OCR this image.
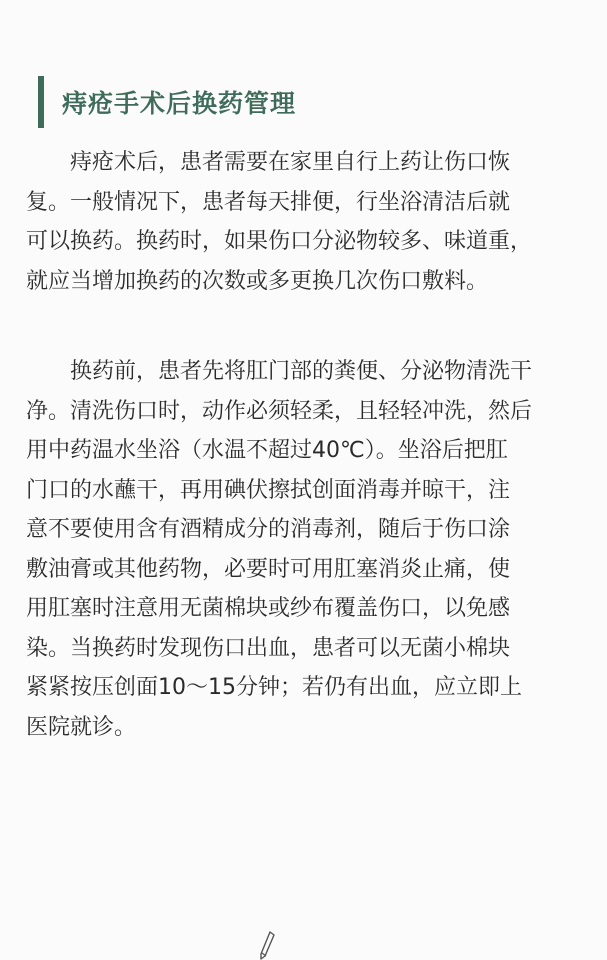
痔疮手术后换药管理
痔疮术后，患者需要在家里自行上药让伤口恢
复。一般情况下，患者每天排便，行坐浴清洁后就
可以换药。换药时，如果伤口分泌物较多、味道重，
就应当增加换药的次数或多更换几次伤口敷料。
换药前，患者先将肛门部的粪便、分泌物清洗干
净。清洗伤口时，动作必须轻柔，且轻轻冲洗，然后
用中药温水坐浴（水温不超过40℃）。坐浴后把肛
门口的水蘸干，再用碘伏擦拭创面消毒并晾干，注
意不要使用含有酒精成分的消毒剂，随后于伤口涂
敷油膏或其他药物，必要时可用肛塞消炎止痛，使
用肛塞时注意用无菌棉块或纱布覆盖伤口，以免感
染。当换药时发现伤口出血，患者可以无菌小棉块
紧紧按压创面10～15分钟；若仍有出血，应立即上
医院就诊。
